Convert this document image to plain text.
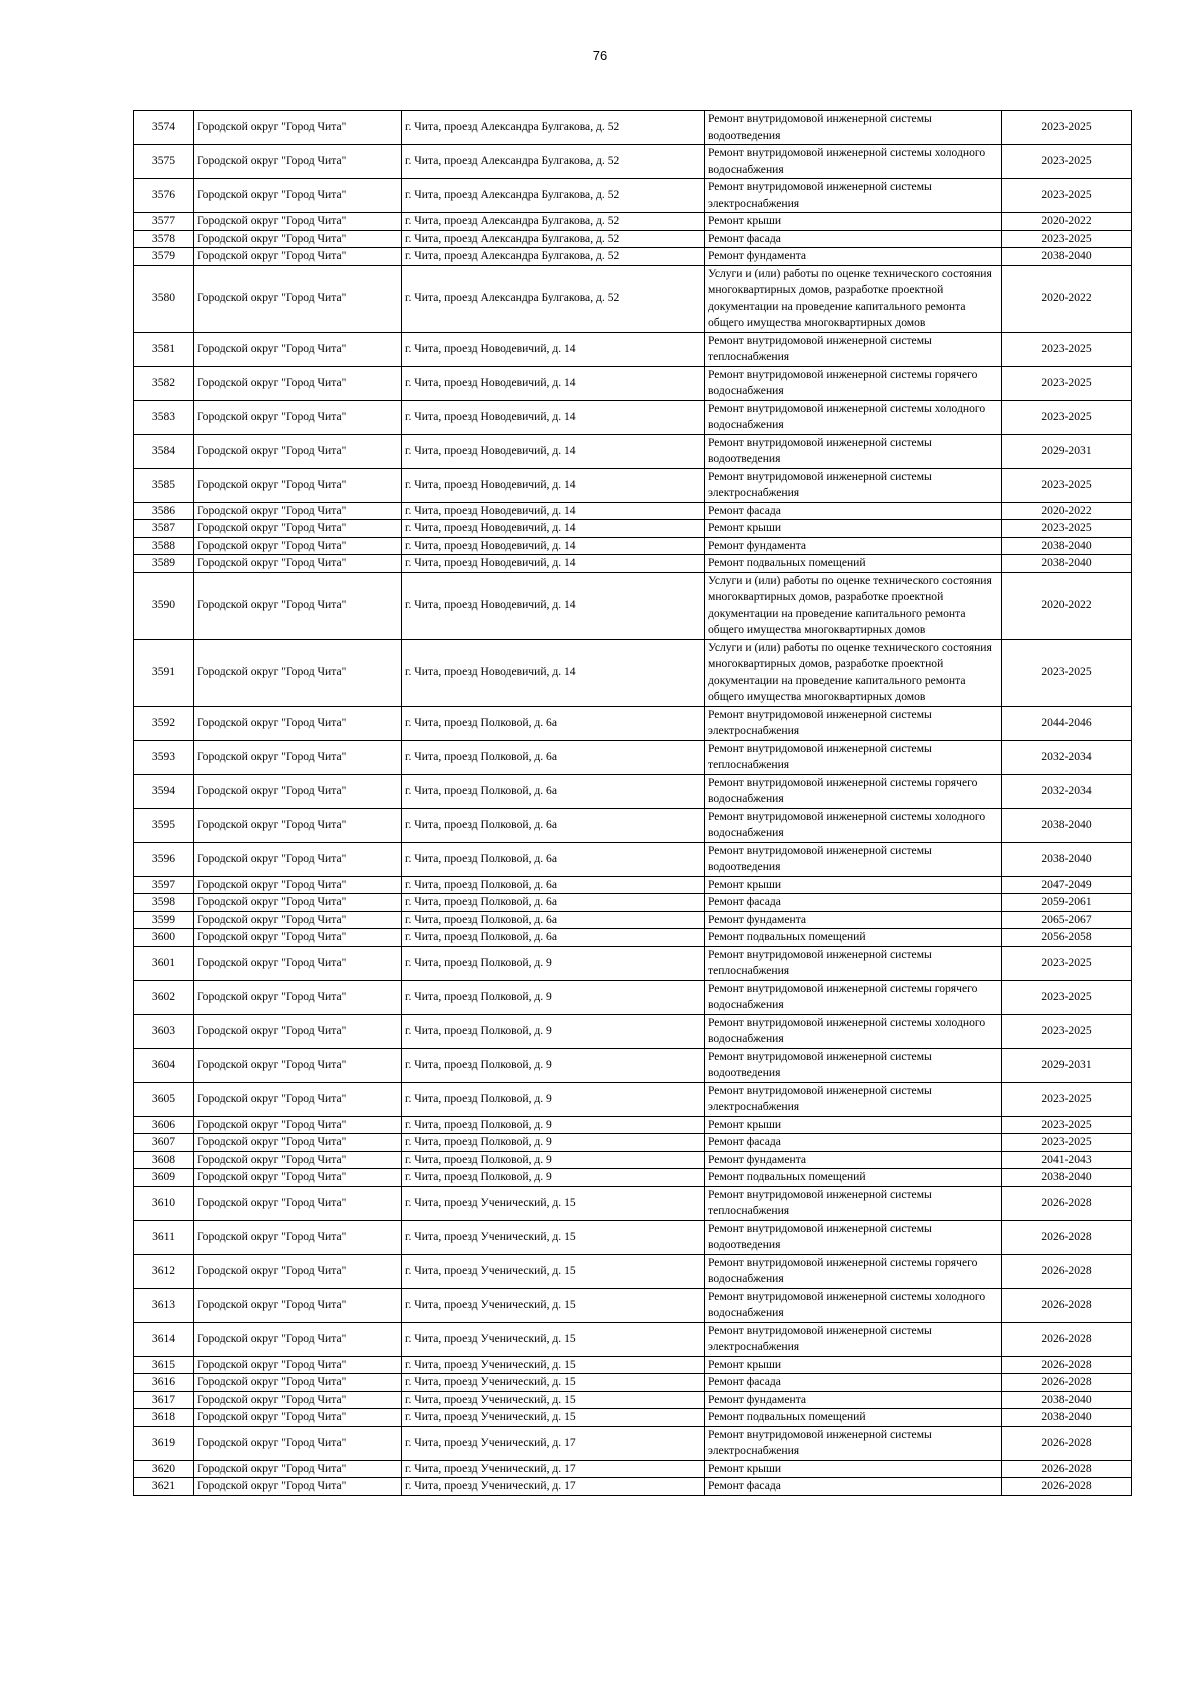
76
3574	Городской округ "Город Чита"	г. Чита, проезд Александра Булгакова, д. 52	Ремонт внутридомовой инженерной системы водоотведения	2023-2025
3575	Городской округ "Город Чита"	г. Чита, проезд Александра Булгакова, д. 52	Ремонт внутридомовой инженерной системы холодного водоснабжения	2023-2025
3576	Городской округ "Город Чита"	г. Чита, проезд Александра Булгакова, д. 52	Ремонт внутридомовой инженерной системы электроснабжения	2023-2025
3577	Городской округ "Город Чита"	г. Чита, проезд Александра Булгакова, д. 52	Ремонт крыши	2020-2022
3578	Городской округ "Город Чита"	г. Чита, проезд Александра Булгакова, д. 52	Ремонт фасада	2023-2025
3579	Городской округ "Город Чита"	г. Чита, проезд Александра Булгакова, д. 52	Ремонт фундамента	2038-2040
3580	Городской округ "Город Чита"	г. Чита, проезд Александра Булгакова, д. 52	Услуги и (или) работы по оценке технического состояния многоквартирных домов, разработке проектной документации на проведение капитального ремонта общего имущества многоквартирных домов	2020-2022
3581	Городской округ "Город Чита"	г. Чита, проезд Новодевичий, д. 14	Ремонт внутридомовой инженерной системы теплоснабжения	2023-2025
3582	Городской округ "Город Чита"	г. Чита, проезд Новодевичий, д. 14	Ремонт внутридомовой инженерной системы горячего водоснабжения	2023-2025
3583	Городской округ "Город Чита"	г. Чита, проезд Новодевичий, д. 14	Ремонт внутридомовой инженерной системы холодного водоснабжения	2023-2025
3584	Городской округ "Город Чита"	г. Чита, проезд Новодевичий, д. 14	Ремонт внутридомовой инженерной системы водоотведения	2029-2031
3585	Городской округ "Город Чита"	г. Чита, проезд Новодевичий, д. 14	Ремонт внутридомовой инженерной системы электроснабжения	2023-2025
3586	Городской округ "Город Чита"	г. Чита, проезд Новодевичий, д. 14	Ремонт фасада	2020-2022
3587	Городской округ "Город Чита"	г. Чита, проезд Новодевичий, д. 14	Ремонт крыши	2023-2025
3588	Городской округ "Город Чита"	г. Чита, проезд Новодевичий, д. 14	Ремонт фундамента	2038-2040
3589	Городской округ "Город Чита"	г. Чита, проезд Новодевичий, д. 14	Ремонт подвальных помещений	2038-2040
3590	Городской округ "Город Чита"	г. Чита, проезд Новодевичий, д. 14	Услуги и (или) работы по оценке технического состояния многоквартирных домов, разработке проектной документации на проведение капитального ремонта общего имущества многоквартирных домов	2020-2022
3591	Городской округ "Город Чита"	г. Чита, проезд Новодевичий, д. 14	Услуги и (или) работы по оценке технического состояния многоквартирных домов, разработке проектной документации на проведение капитального ремонта общего имущества многоквартирных домов	2023-2025
3592	Городской округ "Город Чита"	г. Чита, проезд Полковой, д. 6а	Ремонт внутридомовой инженерной системы электроснабжения	2044-2046
3593	Городской округ "Город Чита"	г. Чита, проезд Полковой, д. 6а	Ремонт внутридомовой инженерной системы теплоснабжения	2032-2034
3594	Городской округ "Город Чита"	г. Чита, проезд Полковой, д. 6а	Ремонт внутридомовой инженерной системы горячего водоснабжения	2032-2034
3595	Городской округ "Город Чита"	г. Чита, проезд Полковой, д. 6а	Ремонт внутридомовой инженерной системы холодного водоснабжения	2038-2040
3596	Городской округ "Город Чита"	г. Чита, проезд Полковой, д. 6а	Ремонт внутридомовой инженерной системы водоотведения	2038-2040
3597	Городской округ "Город Чита"	г. Чита, проезд Полковой, д. 6а	Ремонт крыши	2047-2049
3598	Городской округ "Город Чита"	г. Чита, проезд Полковой, д. 6а	Ремонт фасада	2059-2061
3599	Городской округ "Город Чита"	г. Чита, проезд Полковой, д. 6а	Ремонт фундамента	2065-2067
3600	Городской округ "Город Чита"	г. Чита, проезд Полковой, д. 6а	Ремонт подвальных помещений	2056-2058
3601	Городской округ "Город Чита"	г. Чита, проезд Полковой, д. 9	Ремонт внутридомовой инженерной системы теплоснабжения	2023-2025
3602	Городской округ "Город Чита"	г. Чита, проезд Полковой, д. 9	Ремонт внутридомовой инженерной системы горячего водоснабжения	2023-2025
3603	Городской округ "Город Чита"	г. Чита, проезд Полковой, д. 9	Ремонт внутридомовой инженерной системы холодного водоснабжения	2023-2025
3604	Городской округ "Город Чита"	г. Чита, проезд Полковой, д. 9	Ремонт внутридомовой инженерной системы водоотведения	2029-2031
3605	Городской округ "Город Чита"	г. Чита, проезд Полковой, д. 9	Ремонт внутридомовой инженерной системы электроснабжения	2023-2025
3606	Городской округ "Город Чита"	г. Чита, проезд Полковой, д. 9	Ремонт крыши	2023-2025
3607	Городской округ "Город Чита"	г. Чита, проезд Полковой, д. 9	Ремонт фасада	2023-2025
3608	Городской округ "Город Чита"	г. Чита, проезд Полковой, д. 9	Ремонт фундамента	2041-2043
3609	Городской округ "Город Чита"	г. Чита, проезд Полковой, д. 9	Ремонт подвальных помещений	2038-2040
3610	Городской округ "Город Чита"	г. Чита, проезд Ученический, д. 15	Ремонт внутридомовой инженерной системы теплоснабжения	2026-2028
3611	Городской округ "Город Чита"	г. Чита, проезд Ученический, д. 15	Ремонт внутридомовой инженерной системы водоотведения	2026-2028
3612	Городской округ "Город Чита"	г. Чита, проезд Ученический, д. 15	Ремонт внутридомовой инженерной системы горячего водоснабжения	2026-2028
3613	Городской округ "Город Чита"	г. Чита, проезд Ученический, д. 15	Ремонт внутридомовой инженерной системы холодного водоснабжения	2026-2028
3614	Городской округ "Город Чита"	г. Чита, проезд Ученический, д. 15	Ремонт внутридомовой инженерной системы электроснабжения	2026-2028
3615	Городской округ "Город Чита"	г. Чита, проезд Ученический, д. 15	Ремонт крыши	2026-2028
3616	Городской округ "Город Чита"	г. Чита, проезд Ученический, д. 15	Ремонт фасада	2026-2028
3617	Городской округ "Город Чита"	г. Чита, проезд Ученический, д. 15	Ремонт фундамента	2038-2040
3618	Городской округ "Город Чита"	г. Чита, проезд Ученический, д. 15	Ремонт подвальных помещений	2038-2040
3619	Городской округ "Город Чита"	г. Чита, проезд Ученический, д. 17	Ремонт внутридомовой инженерной системы электроснабжения	2026-2028
3620	Городской округ "Город Чита"	г. Чита, проезд Ученический, д. 17	Ремонт крыши	2026-2028
3621	Городской округ "Город Чита"	г. Чита, проезд Ученический, д. 17	Ремонт фасада	2026-2028
